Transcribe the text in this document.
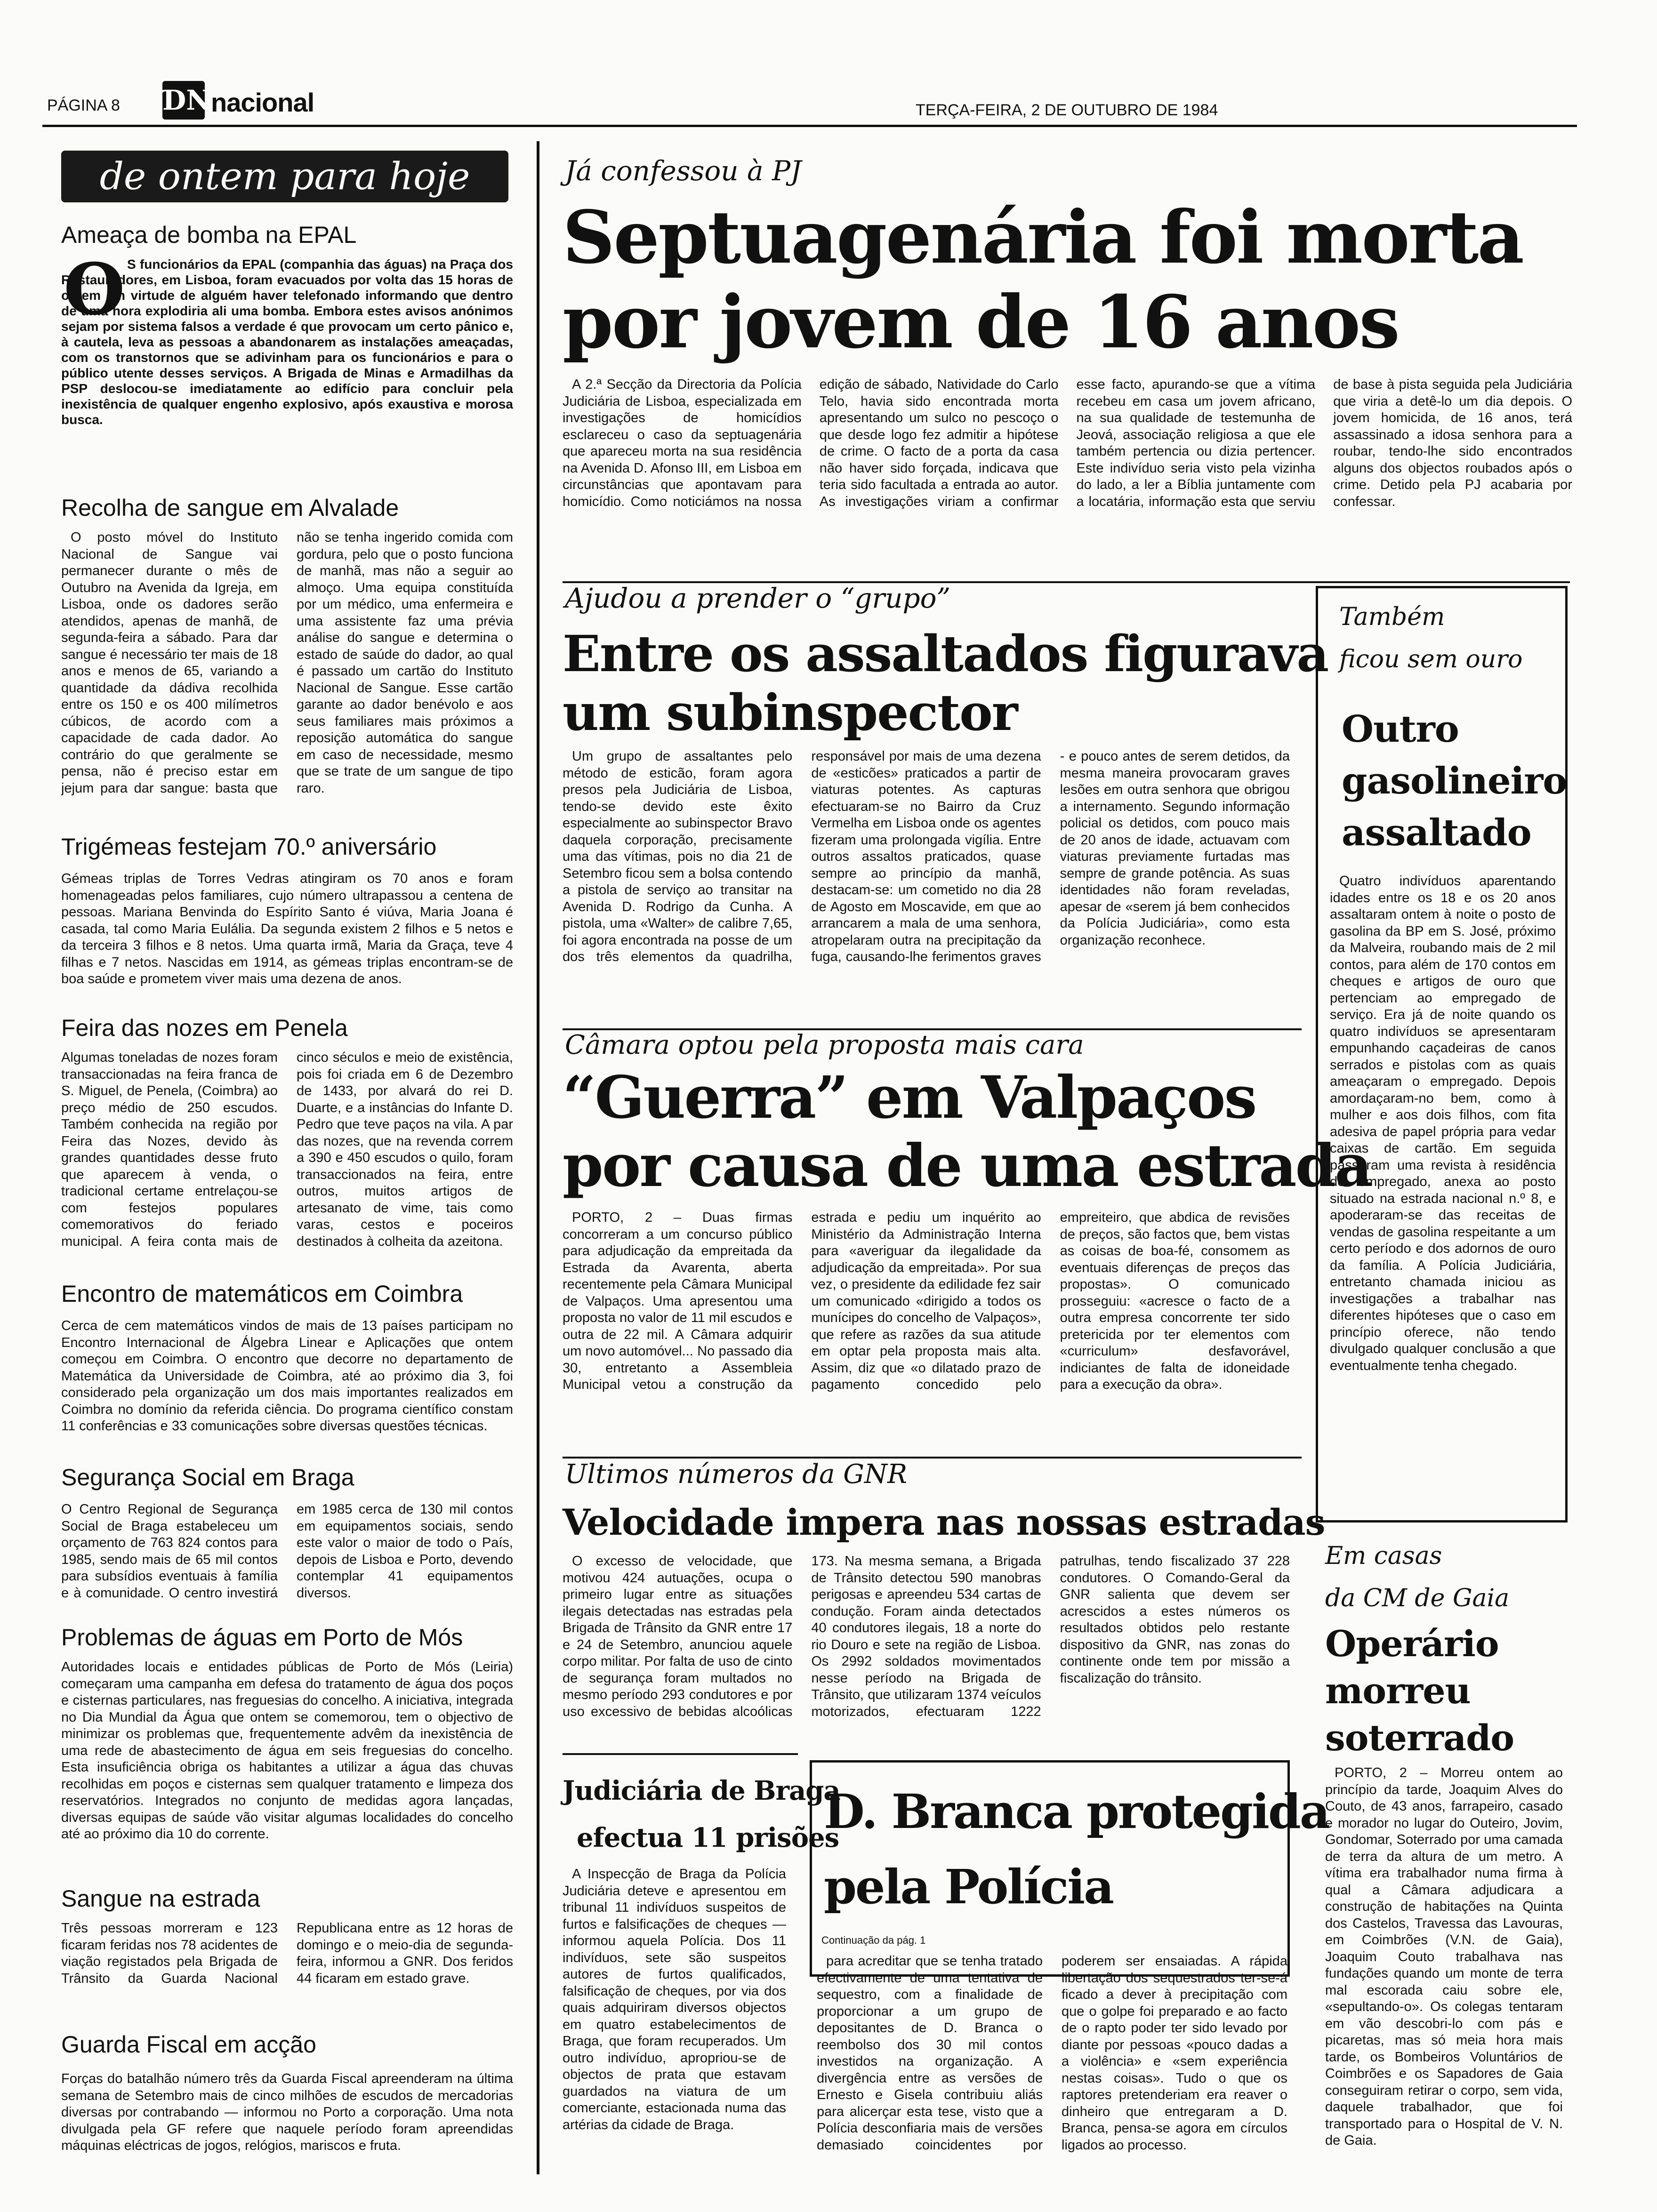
PÁGINA 8 ƊN nacional	TERÇA-FEIRA, 2 DE OUTUBRO DE 1984
de ontem para hoje
Ameaça de bomba na EPAL
O S funcionários da EPAL (companhia das águas) na Praça dos Restauradores, em Lisboa, foram evacuados por volta das 15 horas de ontem em virtude de alguém haver telefonado informando que dentro de uma hora explodiria ali uma bomba. Embora estes avisos anónimos sejam por sistema falsos a verdade é que provocam um certo pânico e, à cautela, leva as pessoas a abandonarem as instalações ameaçadas, com os transtornos que se adivinham para os funcionários e para o público utente desses serviços. A Brigada de Minas e Armadilhas da PSP deslocou-se imediatamente ao edifício para concluir pela inexistência de qualquer engenho explosivo, após exaustiva e morosa busca.
Recolha de sangue em Alvalade
O posto móvel do Instituto Nacional de Sangue vai permanecer durante o mês de Outubro na Avenida da Igreja, em Lisboa, onde os dadores serão atendidos, apenas de manhã, de segunda-feira a sábado. Para dar sangue é necessário ter mais de 18 anos e menos de 65, variando a quantidade da dádiva recolhida entre os 150 e os 400 milímetros cúbicos, de acordo com a capacidade de cada dador. Ao contrário do que geralmente se pensa, não é preciso estar em jejum para dar sangue: basta que não se tenha ingerido comida com gordura, pelo que o posto funciona de manhã, mas não a seguir ao almoço. Uma equipa constituída por um médico, uma enfermeira e uma assistente faz uma prévia análise do sangue e determina o estado de saúde do dador, ao qual é passado um cartão do Instituto Nacional de Sangue. Esse cartão garante ao dador benévolo e aos seus familiares mais próximos a reposição automática do sangue em caso de necessidade, mesmo que se trate de um sangue de tipo raro.
Trigémeas festejam 70.º aniversário
Gémeas triplas de Torres Vedras atingiram os 70 anos e foram homenageadas pelos familiares, cujo número ultrapassou a centena de pessoas. Mariana Benvinda do Espírito Santo é viúva, Maria Joana é casada, tal como Maria Eulália. Da segunda existem 2 filhos e 5 netos e da terceira 3 filhos e 8 netos. Uma quarta irmã, Maria da Graça, teve 4 filhas e 7 netos. Nascidas em 1914, as gémeas triplas encontram-se de boa saúde e prometem viver mais uma dezena de anos.
Feira das nozes em Penela
Algumas toneladas de nozes foram transaccionadas na feira franca de S. Miguel, de Penela, (Coimbra) ao preço médio de 250 escudos. Também conhecida na região por Feira das Nozes, devido às grandes quantidades desse fruto que aparecem à venda, o tradicional certame entrelaçou-se com festejos populares comemorativos do feriado municipal. A feira conta mais de cinco séculos e meio de existência, pois foi criada em 6 de Dezembro de 1433, por alvará do rei D. Duarte, e a instâncias do Infante D. Pedro que teve paços na vila. A par das nozes, que na revenda correm a 390 e 450 escudos o quilo, foram transaccionados na feira, entre outros, muitos artigos de artesanato de vime, tais como varas, cestos e poceiros destinados à colheita da azeitona.
Encontro de matemáticos em Coimbra
Cerca de cem matemáticos vindos de mais de 13 países participam no Encontro Internacional de Álgebra Linear e Aplicações que ontem começou em Coimbra. O encontro que decorre no departamento de Matemática da Universidade de Coimbra, até ao próximo dia 3, foi considerado pela organização um dos mais importantes realizados em Coimbra no domínio da referida ciência. Do programa científico constam 11 conferências e 33 comunicações sobre diversas questões técnicas.
Segurança Social em Braga
O Centro Regional de Segurança Social de Braga estabeleceu um orçamento de 763 824 contos para 1985, sendo mais de 65 mil contos para subsídios eventuais à família e à comunidade. O centro investirá em 1985 cerca de 130 mil contos em equipamentos sociais, sendo este valor o maior de todo o País, depois de Lisboa e Porto, devendo contemplar 41 equipamentos diversos.
Problemas de águas em Porto de Mós
Autoridades locais e entidades públicas de Porto de Mós (Leiria) começaram uma campanha em defesa do tratamento de água dos poços e cisternas particulares, nas freguesias do concelho. A iniciativa, integrada no Dia Mundial da Água que ontem se comemorou, tem o objectivo de minimizar os problemas que, frequentemente advêm da inexistência de uma rede de abastecimento de água em seis freguesias do concelho. Esta insuficiência obriga os habitantes a utilizar a água das chuvas recolhidas em poços e cisternas sem qualquer tratamento e limpeza dos reservatórios. Integrados no conjunto de medidas agora lançadas, diversas equipas de saúde vão visitar algumas localidades do concelho até ao próximo dia 10 do corrente.
Sangue na estrada
Três pessoas morreram e 123 ficaram feridas nos 78 acidentes de viação registados pela Brigada de Trânsito da Guarda Nacional Republicana entre as 12 horas de domingo e o meio-dia de segunda-feira, informou a GNR. Dos feridos 44 ficaram em estado grave.
Guarda Fiscal em acção
Forças do batalhão número três da Guarda Fiscal apreenderam na última semana de Setembro mais de cinco milhões de escudos de mercadorias diversas por contrabando — informou no Porto a corporação. Uma nota divulgada pela GF refere que naquele período foram apreendidas máquinas eléctricas de jogos, relógios, mariscos e fruta.
Já confessou à PJ
Septuagenária foi morta
por jovem de 16 anos
A 2.ª Secção da Directoria da Polícia Judiciária de Lisboa, especializada em investigações de homicídios esclareceu o caso da septuagenária que apareceu morta na sua residência na Avenida D. Afonso III, em Lisboa em circunstâncias que apontavam para homicídio. Como noticiámos na nossa edição de sábado, Natividade do Carlo Telo, havia sido encontrada morta apresentando um sulco no pescoço o que desde logo fez admitir a hipótese de crime. O facto de a porta da casa não haver sido forçada, indicava que teria sido facultada a entrada ao autor. As investigações viriam a confirmar esse facto, apurando-se que a vítima recebeu em casa um jovem africano, na sua qualidade de testemunha de Jeová, associação religiosa a que ele também pertencia ou dizia pertencer. Este indivíduo seria visto pela vizinha do lado, a ler a Bíblia juntamente com a locatária, informação esta que serviu de base à pista seguida pela Judiciária que viria a detê-lo um dia depois. O jovem homicida, de 16 anos, terá assassinado a idosa senhora para a roubar, tendo-lhe sido encontrados alguns dos objectos roubados após o crime. Detido pela PJ acabaria por confessar.
Ajudou a prender o “grupo”
Entre os assaltados figurava
um subinspector
Um grupo de assaltantes pelo método de esticão, foram agora presos pela Judiciária de Lisboa, tendo-se devido este êxito especialmente ao subinspector Bravo daquela corporação, precisamente uma das vítimas, pois no dia 21 de Setembro ficou sem a bolsa contendo a pistola de serviço ao transitar na Avenida D. Rodrigo da Cunha. A pistola, uma «Walter» de calibre 7,65, foi agora encontrada na posse de um dos três elementos da quadrilha, responsável por mais de uma dezena de «esticões» praticados a partir de viaturas potentes. As capturas efectuaram-se no Bairro da Cruz Vermelha em Lisboa onde os agentes fizeram uma prolongada vigília. Entre outros assaltos praticados, quase sempre ao princípio da manhã, destacam-se: um cometido no dia 28 de Agosto em Moscavide, em que ao arrancarem a mala de uma senhora, atropelaram outra na precipitação da fuga, causando-lhe ferimentos graves - e pouco antes de serem detidos, da mesma maneira provocaram graves lesões em outra senhora que obrigou a internamento. Segundo informação policial os detidos, com pouco mais de 20 anos de idade, actuavam com viaturas previamente furtadas mas sempre de grande potência. As suas identidades não foram reveladas, apesar de «serem já bem conhecidos da Polícia Judiciária», como esta organização reconhece.
Câmara optou pela proposta mais cara
“Guerra” em Valpaços
por causa de uma estrada
PORTO, 2 – Duas firmas concorreram a um concurso público para adjudicação da empreitada da Estrada da Avarenta, aberta recentemente pela Câmara Municipal de Valpaços. Uma apresentou uma proposta no valor de 11 mil escudos e outra de 22 mil. A Câmara adquirir um novo automóvel... No passado dia 30, entretanto a Assembleia Municipal vetou a construção da estrada e pediu um inquérito ao Ministério da Administração Interna para «averiguar da ilegalidade da adjudicação da empreitada». Por sua vez, o presidente da edilidade fez sair um comunicado «dirigido a todos os munícipes do concelho de Valpaços», que refere as razões da sua atitude em optar pela proposta mais alta. Assim, diz que «o dilatado prazo de pagamento concedido pelo empreiteiro, que abdica de revisões de preços, são factos que, bem vistas as coisas de boa-fé, consomem as eventuais diferenças de preços das propostas». O comunicado prosseguiu: «acresce o facto de a outra empresa concorrente ter sido pretericida por ter elementos com «curriculum» desfavorável, indiciantes de falta de idoneidade para a execução da obra».
Também
ficou sem ouro
Outro
gasolineiro
assaltado
Quatro indivíduos aparentando idades entre os 18 e os 20 anos assaltaram ontem à noite o posto de gasolina da BP em S. José, próximo da Malveira, roubando mais de 2 mil contos, para além de 170 contos em cheques e artigos de ouro que pertenciam ao empregado de serviço. Era já de noite quando os quatro indivíduos se apresentaram empunhando caçadeiras de canos serrados e pistolas com as quais ameaçaram o empregado. Depois amordaçaram-no bem, como à mulher e aos dois filhos, com fita adesiva de papel própria para vedar caixas de cartão. Em seguida passaram uma revista à residência do empregado, anexa ao posto situado na estrada nacional n.º 8, e apoderaram-se das receitas de vendas de gasolina respeitante a um certo período e dos adornos de ouro da família. A Polícia Judiciária, entretanto chamada iniciou as investigações a trabalhar nas diferentes hipóteses que o caso em princípio oferece, não tendo divulgado qualquer conclusão a que eventualmente tenha chegado.
Ultimos números da GNR
Velocidade impera nas nossas estradas
O excesso de velocidade, que motivou 424 autuações, ocupa o primeiro lugar entre as situações ilegais detectadas nas estradas pela Brigada de Trânsito da GNR entre 17 e 24 de Setembro, anunciou aquele corpo militar. Por falta de uso de cinto de segurança foram multados no mesmo período 293 condutores e por uso excessivo de bebidas alcoólicas 173. Na mesma semana, a Brigada de Trânsito detectou 590 manobras perigosas e apreendeu 534 cartas de condução. Foram ainda detectados 40 condutores ilegais, 18 a norte do rio Douro e sete na região de Lisboa. Os 2992 soldados movimentados nesse período na Brigada de Trânsito, que utilizaram 1374 veículos motorizados, efectuaram 1222 patrulhas, tendo fiscalizado 37 228 condutores. O Comando-Geral da GNR salienta que devem ser acrescidos a estes números os resultados obtidos pelo restante dispositivo da GNR, nas zonas do continente onde tem por missão a fiscalização do trânsito.
Judiciária de Braga
efectua 11 prisões
A Inspecção de Braga da Polícia Judiciária deteve e apresentou em tribunal 11 indivíduos suspeitos de furtos e falsificações de cheques — informou aquela Polícia. Dos 11 indivíduos, sete são suspeitos autores de furtos qualificados, falsificação de cheques, por via dos quais adquiriram diversos objectos em quatro estabelecimentos de Braga, que foram recuperados. Um outro indivíduo, apropriou-se de objectos de prata que estavam guardados na viatura de um comerciante, estacionada numa das artérias da cidade de Braga.
D. Branca protegida
pela Polícia
Continuação da pág. 1
para acreditar que se tenha tratado efectivamente de uma tentativa de sequestro, com a finalidade de proporcionar a um grupo de depositantes de D. Branca o reembolso dos 30 mil contos investidos na organização. A divergência entre as versões de Ernesto e Gisela contribuiu aliás para alicerçar esta tese, visto que a Polícia desconfiaria mais de versões demasiado coincidentes por poderem ser ensaiadas. A rápida libertação dos sequestrados ter-se-á ficado a dever à precipitação com que o golpe foi preparado e ao facto de o rapto poder ter sido levado por diante por pessoas «pouco dadas a a violência» e «sem experiência nestas coisas». Tudo o que os raptores pretenderiam era reaver o dinheiro que entregaram a D. Branca, pensa-se agora em círculos ligados ao processo.
Em casas
da CM de Gaia
Operário
morreu
soterrado
PORTO, 2 – Morreu ontem ao princípio da tarde, Joaquim Alves do Couto, de 43 anos, farrapeiro, casado e morador no lugar do Outeiro, Jovim, Gondomar, Soterrado por uma camada de terra da altura de um metro. A vítima era trabalhador numa firma à qual a Câmara adjudicara a construção de habitações na Quinta dos Castelos, Travessa das Lavouras, em Coimbrões (V.N. de Gaia), Joaquim Couto trabalhava nas fundações quando um monte de terra mal escorada caiu sobre ele, «sepultando-o». Os colegas tentaram em vão descobri-lo com pás e picaretas, mas só meia hora mais tarde, os Bombeiros Voluntários de Coimbrões e os Sapadores de Gaia conseguiram retirar o corpo, sem vida, daquele trabalhador, que foi transportado para o Hospital de V. N. de Gaia.
